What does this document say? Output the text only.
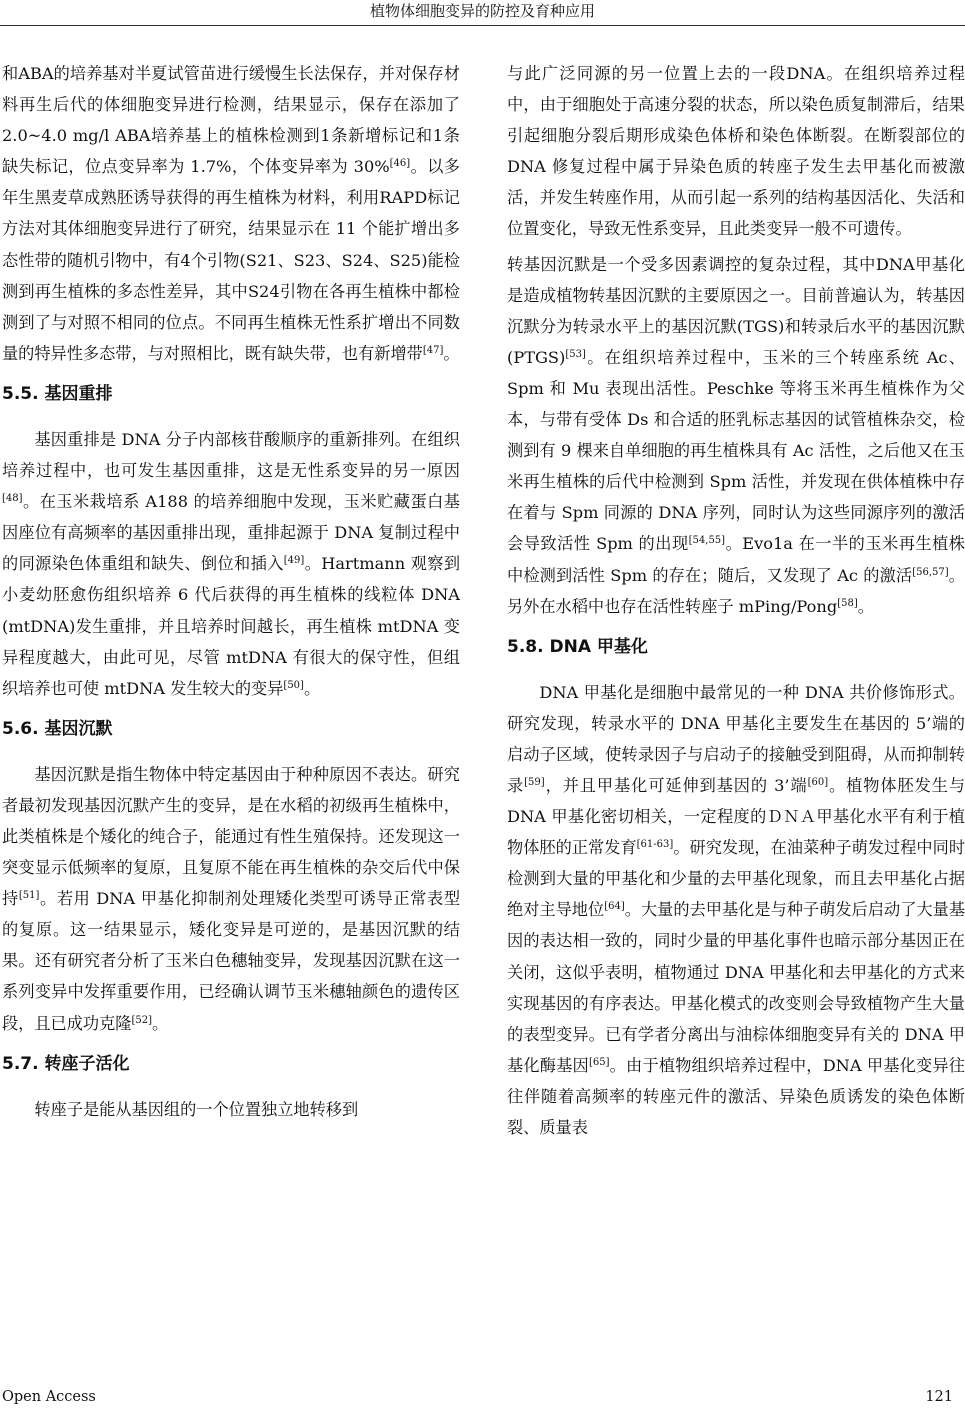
植物体细胞变异的防控及育种应用

和ABA的培养基对半夏试管苗进行缓慢生长法保存，并对保存材料再生后代的体细胞变异进行检测，结果显示，保存在添加了2.0~4.0 mg/l ABA培养基上的植株检测到1条新增标记和1条缺失标记，位点变异率为 1.7%，个体变异率为 30%[46]。以多年生黑麦草成熟胚诱导获得的再生植株为材料，利用RAPD标记方法对其体细胞变异进行了研究，结果显示在 11 个能扩增出多态性带的随机引物中，有4个引物(S21、S23、S24、S25)能检测到再生植株的多态性差异，其中S24引物在各再生植株中都检测到了与对照不相同的位点。不同再生植株无性系扩增出不同数量的特异性多态带，与对照相比，既有缺失带，也有新增带[47]。

5.5. 基因重排

基因重排是 DNA 分子内部核苷酸顺序的重新排列。在组织培养过程中，也可发生基因重排，这是无性系变异的另一原因[48]。在玉米栽培系 A188 的培养细胞中发现，玉米贮藏蛋白基因座位有高频率的基因重排出现，重排起源于 DNA 复制过程中的同源染色体重组和缺失、倒位和插入[49]。Hartmann 观察到小麦幼胚愈伤组织培养 6 代后获得的再生植株的线粒体 DNA (mtDNA)发生重排，并且培养时间越长，再生植株 mtDNA 变异程度越大，由此可见，尽管 mtDNA 有很大的保守性，但组织培养也可使 mtDNA 发生较大的变异[50]。

5.6. 基因沉默

基因沉默是指生物体中特定基因由于种种原因不表达。研究者最初发现基因沉默产生的变异，是在水稻的初级再生植株中，此类植株是个矮化的纯合子，能通过有性生殖保持。还发现这一突变显示低频率的复原，且复原不能在再生植株的杂交后代中保持[51]。若用 DNA 甲基化抑制剂处理矮化类型可诱导正常表型的复原。这一结果显示，矮化变异是可逆的，是基因沉默的结果。还有研究者分析了玉米白色穗轴变异，发现基因沉默在这一系列变异中发挥重要作用，已经确认调节玉米穗轴颜色的遗传区段，且已成功克隆[52]。

5.7. 转座子活化

转座子是能从基因组的一个位置独立地转移到

与此广泛同源的另一位置上去的一段DNA。在组织培养过程中，由于细胞处于高速分裂的状态，所以染色质复制滞后，结果引起细胞分裂后期形成染色体桥和染色体断裂。在断裂部位的 DNA 修复过程中属于异染色质的转座子发生去甲基化而被激活，并发生转座作用，从而引起一系列的结构基因活化、失活和位置变化，导致无性系变异，且此类变异一般不可遗传。

转基因沉默是一个受多因素调控的复杂过程，其中DNA甲基化是造成植物转基因沉默的主要原因之一。目前普遍认为，转基因沉默分为转录水平上的基因沉默(TGS)和转录后水平的基因沉默(PTGS)[53]。在组织培养过程中，玉米的三个转座系统 Ac、Spm 和 Mu 表现出活性。Peschke 等将玉米再生植株作为父本，与带有受体 Ds 和合适的胚乳标志基因的试管植株杂交，检测到有 9 棵来自单细胞的再生植株具有 Ac 活性，之后他又在玉米再生植株的后代中检测到 Spm 活性，并发现在供体植株中存在着与 Spm 同源的 DNA 序列，同时认为这些同源序列的激活会导致活性 Spm 的出现[54,55]。Evo1a 在一半的玉米再生植株中检测到活性 Spm 的存在；随后，又发现了 Ac 的激活[56,57]。另外在水稻中也存在活性转座子 mPing/Pong[58]。

5.8. DNA 甲基化

DNA 甲基化是细胞中最常见的一种 DNA 共价修饰形式。研究发现，转录水平的 DNA 甲基化主要发生在基因的 5’端的启动子区域，使转录因子与启动子的接触受到阻碍，从而抑制转录[59]，并且甲基化可延伸到基因的 3’端[60]。植物体胚发生与 DNA 甲基化密切相关，一定程度的ＤＮＡ甲基化水平有利于植物体胚的正常发育[61-63]。研究发现，在油菜种子萌发过程中同时检测到大量的甲基化和少量的去甲基化现象，而且去甲基化占据绝对主导地位[64]。大量的去甲基化是与种子萌发后启动了大量基因的表达相一致的，同时少量的甲基化事件也暗示部分基因正在关闭，这似乎表明，植物通过 DNA 甲基化和去甲基化的方式来实现基因的有序表达。甲基化模式的改变则会导致植物产生大量的表型变异。已有学者分离出与油棕体细胞变异有关的 DNA 甲基化酶基因[65]。由于植物组织培养过程中，DNA 甲基化变异往往伴随着高频率的转座元件的激活、异染色质诱发的染色体断裂、质量表

Open Access	121
